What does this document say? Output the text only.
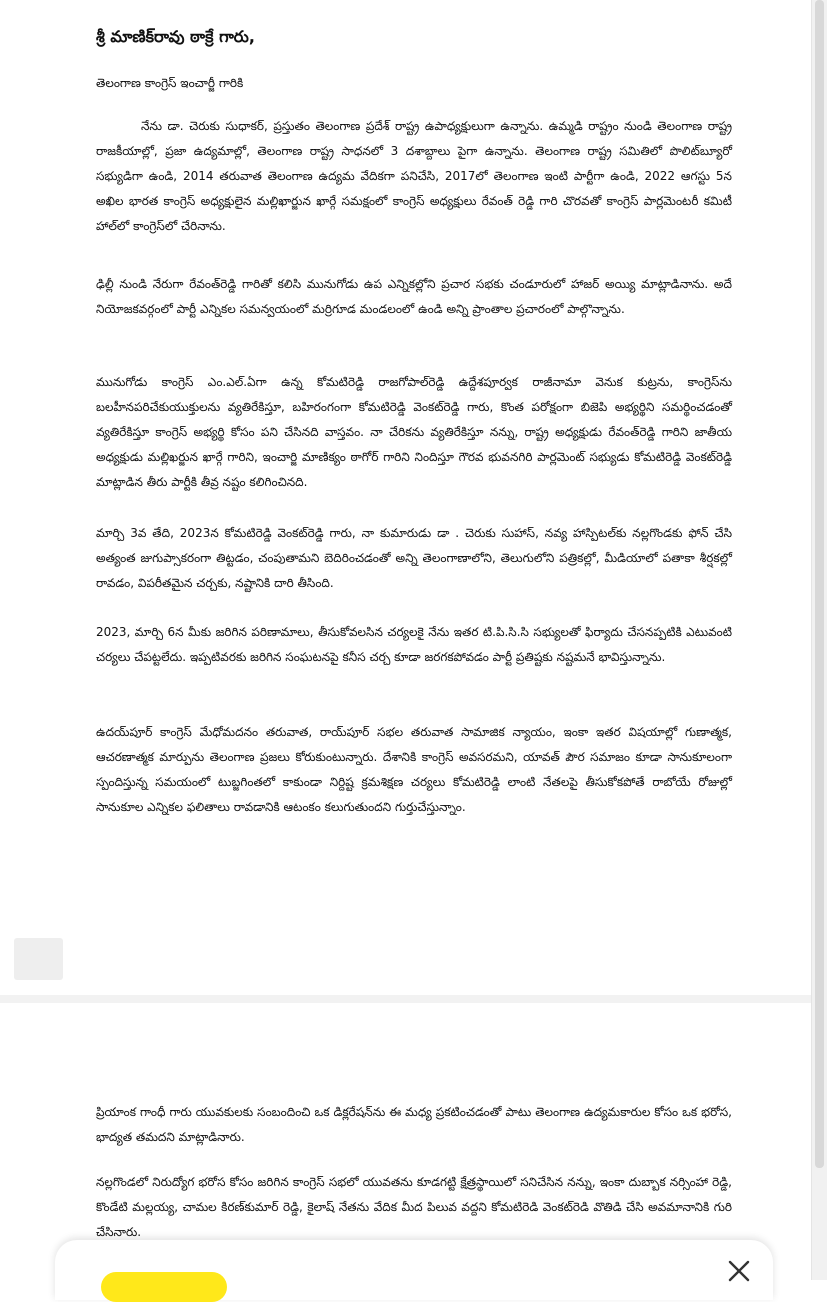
శ్రీ మాణిక్‌రావు ఠాక్రే గారు,
తెలంగాణ కాంగ్రెస్ ఇంచార్జీ గారికి

నేను డా. చెరుకు సుధాకర్, ప్రస్తుతం తెలంగాణ ప్రదేశ్ రాష్ట్ర ఉపాధ్యక్షులుగా ఉన్నాను. ఉమ్మడి రాష్ట్రం నుండి తెలంగాణ రాష్ట్ర రాజకీయాల్లో, ప్రజా ఉద్యమాల్లో, తెలంగాణ రాష్ట్ర సాధనలో 3 దశాబ్దాలు పైగా ఉన్నాను. తెలంగాణ రాష్ట్ర సమితిలో పొలిట్‌బ్యూరో సభ్యుడిగా ఉండి, 2014 తరువాత తెలంగాణ ఉద్యమ వేదికగా పనిచేసి, 2017లో తెలంగాణ ఇంటి పార్టీగా ఉండి, 2022 ఆగస్టు 5న అఖిల భారత కాంగ్రెస్ అధ్యక్షులైన మల్లిఖార్జున ఖార్గే సమక్షంలో కాంగ్రెస్ అధ్యక్షులు రేవంత్ రెడ్డి గారి చొరవతో కాంగ్రెస్ పార్లమెంటరీ కమిటీ హాల్‌లో కాంగ్రెస్‌లో చేరినాను.

ఢిల్లీ నుండి నేరుగా రేవంత్‌రెడ్డి గారితో కలిసి మునుగోడు ఉప ఎన్నికల్లోని ప్రచార సభకు చండూరులో హాజర్ అయ్యి మాట్లాడినాను. అదే నియోజకవర్గంలో పార్టీ ఎన్నికల సమన్వయంలో మర్రిగూడ మండలంలో ఉండి అన్ని ప్రాంతాల ప్రచారంలో పాల్గొన్నాను.

మునుగోడు కాంగ్రెస్ ఎం.ఎల్.ఏగా ఉన్న కోమటిరెడ్డి రాజగోపాల్‌రెడ్డి ఉద్దేశపూర్వక రాజీనామా వెనుక కుట్రను, కాంగ్రెస్‌ను బలహీనపరిచేకుయుక్తులను వ్యతిరేకిస్తూ, బహిరంగంగా కోమటిరెడ్డి వెంకట్‌రెడ్డి గారు, కొంత పరోక్షంగా బిజెపి అభ్యర్థిని సమర్థించడంతో వ్యతిరేకిస్తూ కాంగ్రెస్ అభ్యర్థి కోసం పని చేసినది వాస్తవం. నా చేరికను వ్యతిరేకిస్తూ నన్ను, రాష్ట్ర అధ్యక్షుడు రేవంత్‌రెడ్డి గారిని జాతీయ అధ్యక్షుడు మల్లిఖర్జున ఖార్గే గారిని, ఇంచార్జి మాణిక్యం ఠాగోర్ గారిని నిందిస్తూ గౌరవ భువనగిరి పార్లమెంట్ సభ్యుడు కోమటిరెడ్డి వెంకట్‌రెడ్డి మాట్లాడిన తీరు పార్టీకి తీవ్ర నష్టం కలిగించినది.

మార్చి 3వ తేది, 2023న కోమటిరెడ్డి వెంకట్‌రెడ్డి గారు, నా కుమారుడు డా . చెరుకు సుహాస్, నవ్య హాస్పిటల్‌కు నల్లగొండకు ఫోన్ చేసి అత్యంత జుగుప్సాకరంగా తిట్టడం, చంపుతామని బెదిరించడంతో అన్ని తెలంగాణాలోని, తెలుగులోని పత్రికల్లో, మీడియాలో పతాకా శీర్షకల్లో రావడం, విపరీతమైన చర్చకు, నష్టానికి దారి తీసింది.

2023, మార్చి 6న మీకు జరిగిన పరిణామాలు, తీసుకోవలసిన చర్యలకై నేను ఇతర టి.పి.సి.సి సభ్యులతో ఫిర్యాదు చేసనప్పటికి ఎటువంటి చర్యలు చేపట్టలేదు. ఇప్పటివరకు జరిగిన సంఘటనపై కనీస చర్చ కూడా జరగకపోవడం పార్టీ ప్రతిష్టకు నష్టమనే భావిస్తున్నాను.

ఉదయ్‌పూర్ కాంగ్రెస్ మేధోమదనం తరువాత, రాయ్‌పూర్ సభల తరువాత సామాజిక న్యాయం, ఇంకా ఇతర విషయాల్లో గుణాత్మక, ఆచరణాత్మక మార్పును తెలంగాణ ప్రజలు కోరుకుంటున్నారు. దేశానికి కాంగ్రెస్ అవసరమని, యావత్ పౌర సమాజం కూడా సానుకూలంగా స్పందిస్తున్న సమయంలో టుబ్జగింతలో కాకుండా నిర్దిష్ట క్రమశిక్షణ చర్యలు కోమటిరెడ్డి లాంటి నేతలపై తీసుకోకపోతే రాబోయే రోజుల్లో సానుకూల ఎన్నికల ఫలితాలు రావడానికి ఆటంకం కలుగుతుందని గుర్తుచేస్తున్నాం.

ప్రియాంక గాంధీ గారు యువకులకు సంబందించి ఒక డిక్లరేషన్‌ను ఈ మధ్య ప్రకటించడంతో పాటు తెలంగాణ ఉద్యమకారుల కోసం ఒక భరోస, భాద్యత తమదని మాట్లాడినారు.

నల్లగొండలో నిరుద్యోగ భరోస కోసం జరిగిన కాంగ్రెస్ సభలో యువతను కూడగట్టి క్షేత్రస్థాయిలో సనిచేసిన నన్ను, ఇంకా దుబ్బాక నర్సింహా రెడ్డి, కొండేటి మల్లయ్య, చామల కిరణ్‌కుమార్ రెడ్డి, కైలాష్ నేతను వేదిక మీద పిలువ వద్దని కోమటిరెడి వెంకట్‌రెడి వొతిడి చేసి అవమానానికి గురి చేసినారు.
